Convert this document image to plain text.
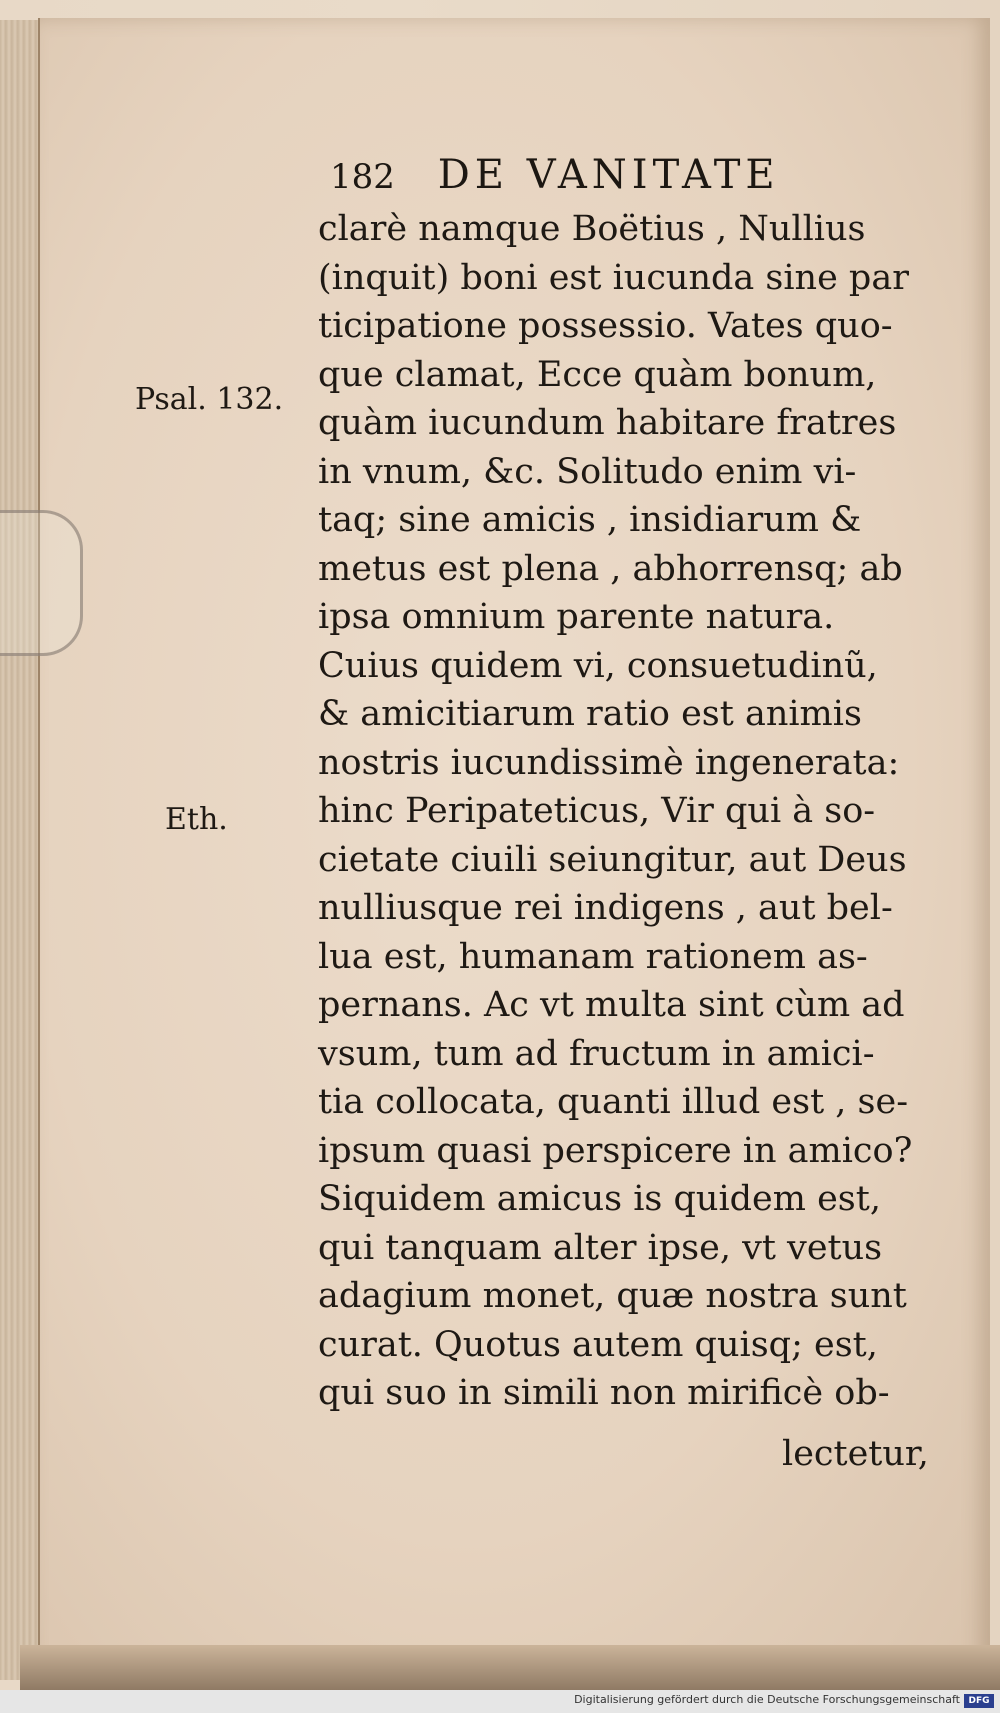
182 DE VANITATE
Psal. 132.
Eth.
clarè namque Boëtius , Nullius
(inquit) boni est iucunda sine par
ticipatione possessio. Vates quo-
que clamat, Ecce quàm bonum,
quàm iucundum habitare fratres
in vnum, &c. Solitudo enim vi-
taq; sine amicis , insidiarum &
metus est plena , abhorrensq; ab
ipsa omnium parente natura.
Cuius quidem vi, consuetudinũ,
& amicitiarum ratio est animis
nostris iucundissimè ingenerata:
hinc Peripateticus, Vir qui à so-
cietate ciuili seiungitur, aut Deus
nulliusque rei indigens , aut bel-
lua est, humanam rationem as-
pernans. Ac vt multa sint cùm ad
vsum, tum ad fructum in amici-
tia collocata, quanti illud est , se-
ipsum quasi perspicere in amico?
Siquidem amicus is quidem est,
qui tanquam alter ipse, vt vetus
adagium monet, quæ nostra sunt
curat. Quotus autem quisq; est,
qui suo in simili non mirificè ob-
lectetur,
Digitalisierung gefördert durch die Deutsche Forschungsgemeinschaft DFG
